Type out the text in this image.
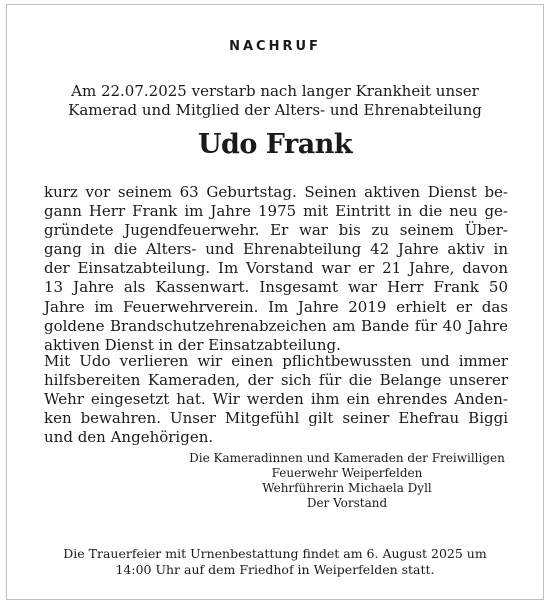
NACHRUF
Am 22.07.2025 verstarb nach langer Krankheit unser
Kamerad und Mitglied der Alters- und Ehrenabteilung
Udo Frank
kurz vor seinem 63 Geburtstag. Seinen aktiven Dienst be-
gann Herr Frank im Jahre 1975 mit Eintritt in die neu ge-
gründete Jugendfeuerwehr. Er war bis zu seinem Über-
gang in die Alters- und Ehrenabteilung 42 Jahre aktiv in
der Einsatzabteilung. Im Vorstand war er 21 Jahre, davon
13 Jahre als Kassenwart. Insgesamt war Herr Frank 50
Jahre im Feuerwehrverein. Im Jahre 2019 erhielt er das
goldene Brandschutzehrenabzeichen am Bande für 40 Jahre
aktiven Dienst in der Einsatzabteilung.
Mit Udo verlieren wir einen pflichtbewussten und immer
hilfsbereiten Kameraden, der sich für die Belange unserer
Wehr eingesetzt hat. Wir werden ihm ein ehrendes Anden-
ken bewahren. Unser Mitgefühl gilt seiner Ehefrau Biggi
und den Angehörigen.
Die Kameradinnen und Kameraden der Freiwilligen
Feuerwehr Weiperfelden
Wehrführerin Michaela Dyll
Der Vorstand
Die Trauerfeier mit Urnenbestattung findet am 6. August 2025 um
14:00 Uhr auf dem Friedhof in Weiperfelden statt.
